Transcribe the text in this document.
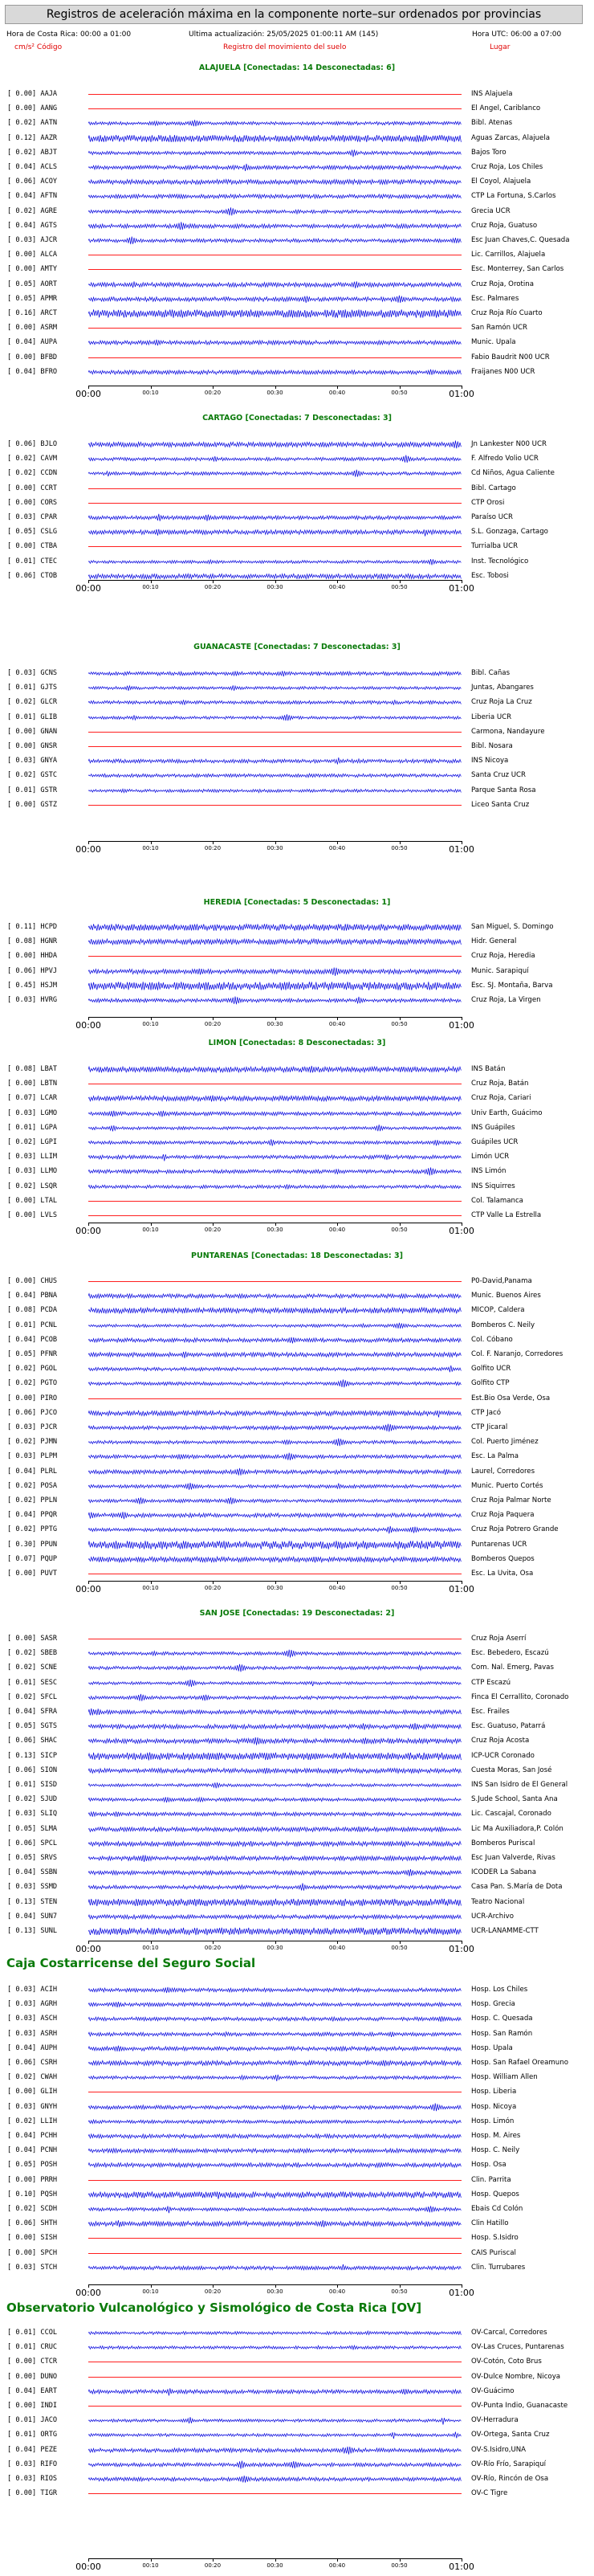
Registros de aceleración máxima en la componente norte–sur ordenados por provincias
Hora de Costa Rica: 00:00 a 01:00	Ultima actualización: 25/05/2025 01:00:11 AM (145)	Hora UTC: 06:00 a 07:00
cm/s² Código	Registro del movimiento del suelo	Lugar
ALAJUELA [Conectadas: 14 Desconectadas: 6]
[ 0.00] AAJA	INS Alajuela
[ 0.00] AANG	El Angel, Cariblanco
[ 0.02] AATN	Bibl. Atenas
[ 0.12] AAZR	Aguas Zarcas, Alajuela
[ 0.02] ABJT	Bajos Toro
[ 0.04] ACLS	Cruz Roja, Los Chiles
[ 0.06] ACOY	El Coyol, Alajuela
[ 0.04] AFTN	CTP La Fortuna, S.Carlos
[ 0.02] AGRE	Grecia UCR
[ 0.04] AGTS	Cruz Roja, Guatuso
[ 0.03] AJCR	Esc Juan Chaves,C. Quesada
[ 0.00] ALCA	Lic. Carrillos, Alajuela
[ 0.00] AMTY	Esc. Monterrey, San Carlos
[ 0.05] AORT	Cruz Roja, Orotina
[ 0.05] APMR	Esc. Palmares
[ 0.16] ARCT	Cruz Roja Río Cuarto
[ 0.00] ASRM	San Ramón UCR
[ 0.04] AUPA	Munic. Upala
[ 0.00] BFBD	Fabio Baudrit N00 UCR
[ 0.04] BFRO	Fraijanes N00 UCR
00:00	00:10	00:20	00:30	00:40	00:50	01:00
CARTAGO [Conectadas: 7 Desconectadas: 3]
[ 0.06] BJLO	Jn Lankester N00 UCR
[ 0.02] CAVM	F. Alfredo Volio UCR
[ 0.02] CCDN	Cd Niños, Agua Caliente
[ 0.00] CCRT	Bibl. Cartago
[ 0.00] CORS	CTP Orosi
[ 0.03] CPAR	Paraíso UCR
[ 0.05] CSLG	S.L. Gonzaga, Cartago
[ 0.00] CTBA	Turrialba UCR
[ 0.01] CTEC	Inst. Tecnológico
[ 0.06] CTOB	Esc. Tobosi
00:00	00:10	00:20	00:30	00:40	00:50	01:00
GUANACASTE [Conectadas: 7 Desconectadas: 3]
[ 0.03] GCNS	Bibl. Cañas
[ 0.01] GJTS	Juntas, Abangares
[ 0.02] GLCR	Cruz Roja La Cruz
[ 0.01] GLIB	Liberia UCR
[ 0.00] GNAN	Carmona, Nandayure
[ 0.00] GNSR	Bibl. Nosara
[ 0.03] GNYA	INS Nicoya
[ 0.02] GSTC	Santa Cruz UCR
[ 0.01] GSTR	Parque Santa Rosa
[ 0.00] GSTZ	Liceo Santa Cruz
00:00	00:10	00:20	00:30	00:40	00:50	01:00
HEREDIA [Conectadas: 5 Desconectadas: 1]
[ 0.11] HCPD	San Miguel, S. Domingo
[ 0.08] HGNR	Hidr. General
[ 0.00] HHDA	Cruz Roja, Heredia
[ 0.06] HPVJ	Munic. Sarapiquí
[ 0.45] HSJM	Esc. SJ. Montaña, Barva
[ 0.03] HVRG	Cruz Roja, La Virgen
00:00	00:10	00:20	00:30	00:40	00:50	01:00
LIMON [Conectadas: 8 Desconectadas: 3]
[ 0.08] LBAT	INS Batán
[ 0.00] LBTN	Cruz Roja, Batán
[ 0.07] LCAR	Cruz Roja, Cariari
[ 0.03] LGMO	Univ Earth, Guácimo
[ 0.01] LGPA	INS Guápiles
[ 0.02] LGPI	Guápiles UCR
[ 0.03] LLIM	Limón UCR
[ 0.03] LLMO	INS Limón
[ 0.02] LSQR	INS Siquirres
[ 0.00] LTAL	Col. Talamanca
[ 0.00] LVLS	CTP Valle La Estrella
00:00	00:10	00:20	00:30	00:40	00:50	01:00
PUNTARENAS [Conectadas: 18 Desconectadas: 3]
[ 0.00] CHUS	P0-David,Panama
[ 0.04] PBNA	Munic. Buenos Aires
[ 0.08] PCDA	MICOP, Caldera
[ 0.01] PCNL	Bomberos C. Neily
[ 0.04] PCOB	Col. Cóbano
[ 0.05] PFNR	Col. F. Naranjo, Corredores
[ 0.02] PGOL	Golfito UCR
[ 0.02] PGTO	Golfito CTP
[ 0.00] PIRO	Est.Bio Osa Verde, Osa
[ 0.06] PJCO	CTP Jacó
[ 0.03] PJCR	CTP Jicaral
[ 0.02] PJMN	Col. Puerto Jiménez
[ 0.03] PLPM	Esc. La Palma
[ 0.04] PLRL	Laurel, Corredores
[ 0.02] POSA	Munic. Puerto Cortés
[ 0.02] PPLN	Cruz Roja Palmar Norte
[ 0.04] PPQR	Cruz Roja Paquera
[ 0.02] PPTG	Cruz Roja Potrero Grande
[ 0.30] PPUN	Puntarenas UCR
[ 0.07] PQUP	Bomberos Quepos
[ 0.00] PUVT	Esc. La Uvita, Osa
00:00	00:10	00:20	00:30	00:40	00:50	01:00
SAN JOSE [Conectadas: 19 Desconectadas: 2]
[ 0.00] SASR	Cruz Roja Aserrí
[ 0.02] SBEB	Esc. Bebedero, Escazú
[ 0.02] SCNE	Com. Nal. Emerg, Pavas
[ 0.01] SESC	CTP Escazú
[ 0.02] SFCL	Finca El Cerrallito, Coronado
[ 0.04] SFRA	Esc. Frailes
[ 0.05] SGTS	Esc. Guatuso, Patarrá
[ 0.06] SHAC	Cruz Roja Acosta
[ 0.13] SICP	ICP-UCR Coronado
[ 0.06] SION	Cuesta Moras, San José
[ 0.01] SISD	INS San Isidro de El General
[ 0.02] SJUD	S.Jude School, Santa Ana
[ 0.03] SLIQ	Lic. Cascajal, Coronado
[ 0.05] SLMA	Lic Ma Auxiliadora,P. Colón
[ 0.06] SPCL	Bomberos Puriscal
[ 0.05] SRVS	Esc Juan Valverde, Rivas
[ 0.04] SSBN	ICODER La Sabana
[ 0.03] SSMD	Casa Pan. S.María de Dota
[ 0.13] STEN	Teatro Nacional
[ 0.04] SUN7	UCR-Archivo
[ 0.13] SUNL	UCR-LANAMME-CTT
00:00	00:10	00:20	00:30	00:40	00:50	01:00
Caja Costarricense del Seguro Social
[ 0.03] ACIH	Hosp. Los Chiles
[ 0.03] AGRH	Hosp. Grecia
[ 0.03] ASCH	Hosp. C. Quesada
[ 0.03] ASRH	Hosp. San Ramón
[ 0.04] AUPH	Hosp. Upala
[ 0.06] CSRH	Hosp. San Rafael Oreamuno
[ 0.02] CWAH	Hosp. William Allen
[ 0.00] GLIH	Hosp. Liberia
[ 0.03] GNYH	Hosp. Nicoya
[ 0.02] LLIH	Hosp. Limón
[ 0.04] PCHH	Hosp. M. Aires
[ 0.04] PCNH	Hosp. C. Neily
[ 0.05] POSH	Hosp. Osa
[ 0.00] PRRH	Clin. Parrita
[ 0.10] PQSH	Hosp. Quepos
[ 0.02] SCDH	Ebais Cd Colón
[ 0.06] SHTH	Clin Hatillo
[ 0.00] SISH	Hosp. S.Isidro
[ 0.00] SPCH	CAIS Puriscal
[ 0.03] STCH	Clin. Turrubares
00:00	00:10	00:20	00:30	00:40	00:50	01:00
Observatorio Vulcanológico y Sismológico de Costa Rica [OV]
[ 0.01] CCOL	OV-Carcal, Corredores
[ 0.01] CRUC	OV-Las Cruces, Puntarenas
[ 0.00] CTCR	OV-Cotón, Coto Brus
[ 0.00] DUNO	OV-Dulce Nombre, Nicoya
[ 0.04] EART	OV-Guácimo
[ 0.00] INDI	OV-Punta Indio, Guanacaste
[ 0.01] JACO	OV-Herradura
[ 0.01] ORTG	OV-Ortega, Santa Cruz
[ 0.04] PEZE	OV-S.Isidro,UNA
[ 0.03] RIFO	OV-Río Frío, Sarapiquí
[ 0.03] RIOS	OV-Río, Rincón de Osa
[ 0.00] TIGR	OV-C Tigre
00:00	00:10	00:20	00:30	00:40	00:50	01:00
